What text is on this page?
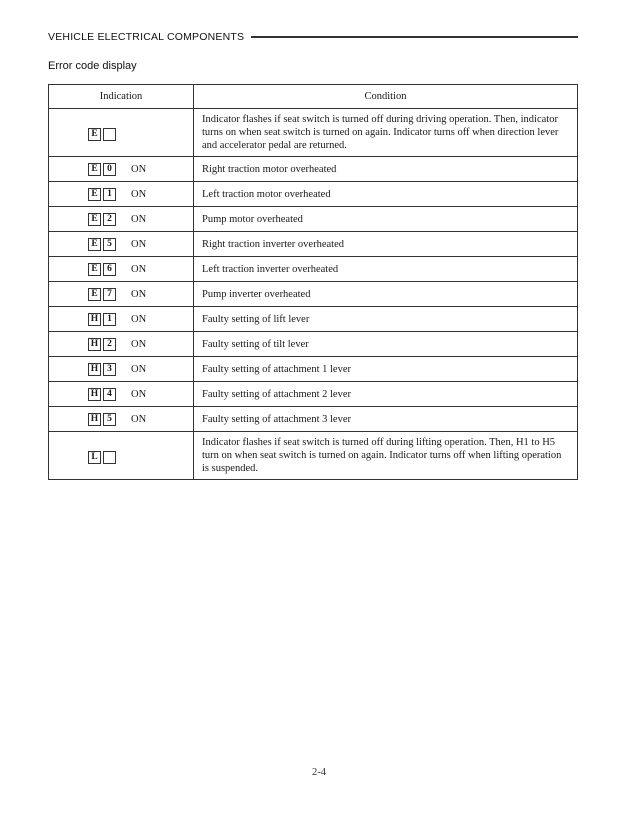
VEHICLE ELECTRICAL COMPONENTS
Error code display
Indication	Condition

E	Indicator flashes if seat switch is turned off during driving operation. Then, indicator turns on when seat switch is turned on again. Indicator turns off when direction lever and accelerator pedal are returned.

E 0 ON	Right traction motor overheated

E 1 ON	Left traction motor overheated

E 2 ON	Pump motor overheated

E 5 ON	Right traction inverter overheated

E 6 ON	Left traction inverter overheated

E 7 ON	Pump inverter overheated

H 1 ON	Faulty setting of lift lever

H 2 ON	Faulty setting of tilt lever

H 3 ON	Faulty setting of attachment 1 lever

H 4 ON	Faulty setting of attachment 2 lever

H 5 ON	Faulty setting of attachment 3 lever

L	Indicator flashes if seat switch is turned off during lifting operation. Then, H1 to H5 turn on when seat switch is turned on again. Indicator turns off when lifting operation is suspended.
2-4
